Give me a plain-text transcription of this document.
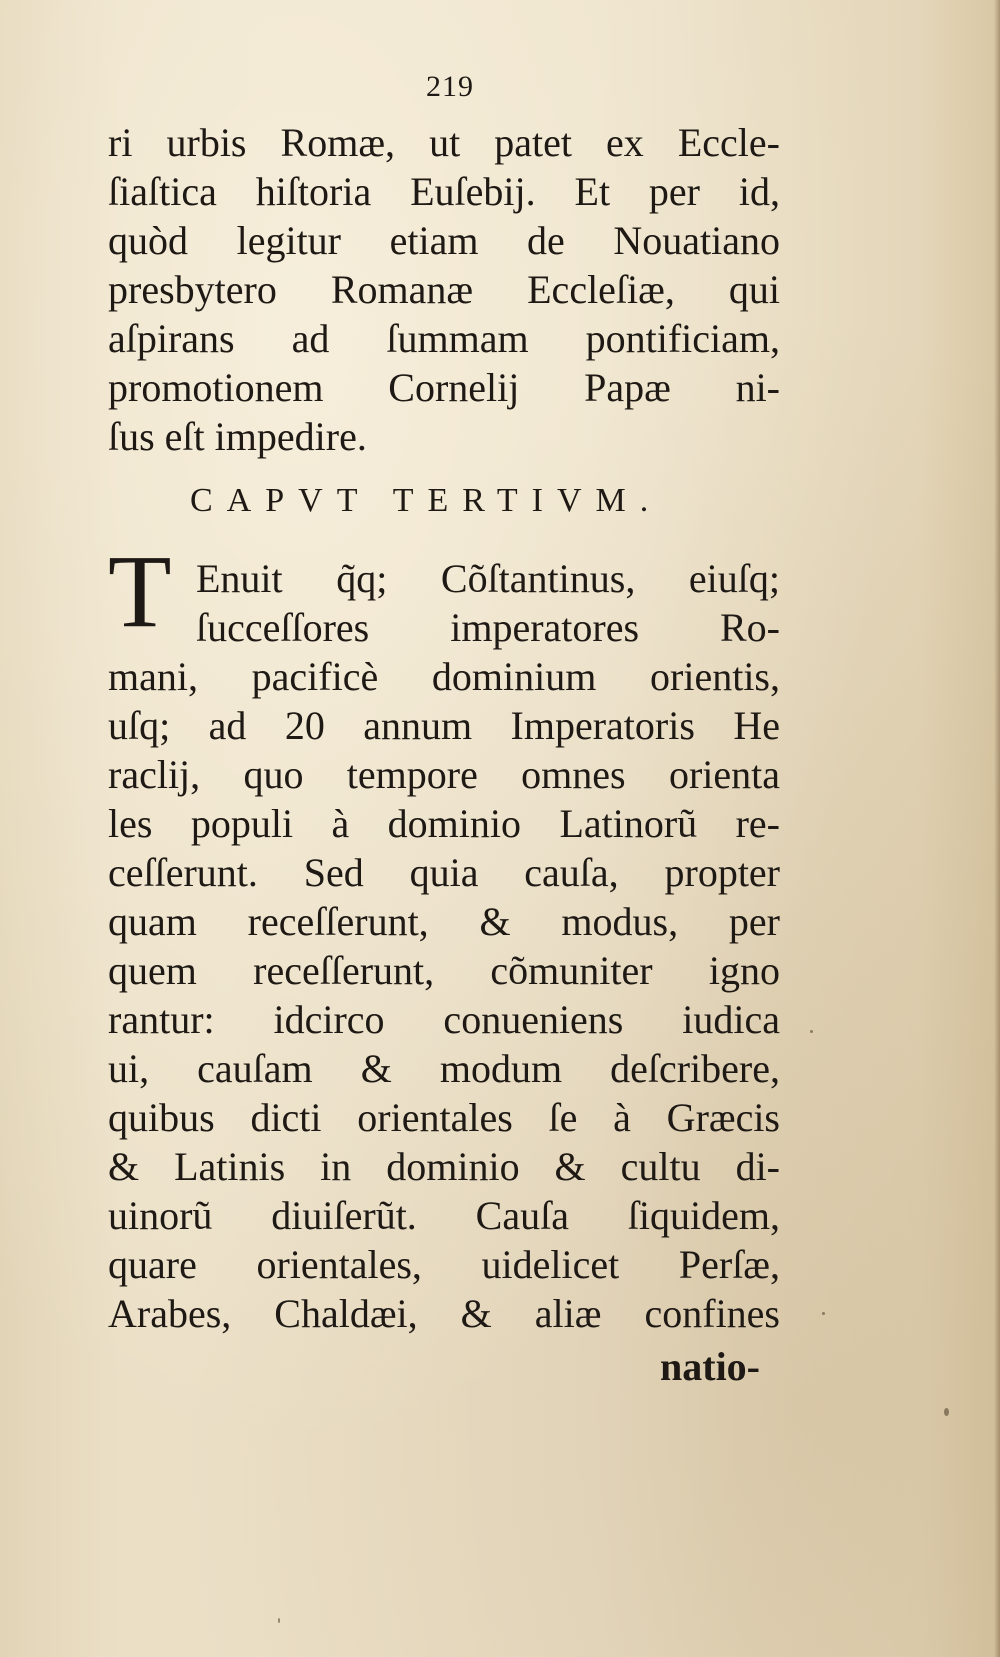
219
ri urbis Romæ, ut patet ex Eccle-
ſiaſtica hiſtoria Euſebij. Et per id,
quòd legitur etiam de Nouatiano
presbytero Romanæ Eccleſiæ, qui
aſpirans ad ſummam pontificiam,
promotionem Cornelij Papæ ni-
ſus eſt impedire.
CAPVT TERTIVM.
T Enuit q̃q; Cõſtantinus, eiuſq;
ſucceſſores imperatores Ro-
mani, pacificè dominium orientis,
uſq; ad 20 annum Imperatoris He
raclij, quo tempore omnes orienta
les populi à dominio Latinorũ re-
ceſſerunt. Sed quia cauſa, propter
quam receſſerunt, & modus, per
quem receſſerunt, cõmuniter igno
rantur: idcirco conueniens iudica
ui, cauſam & modum deſcribere,
quibus dicti orientales ſe à Græcis
& Latinis in dominio & cultu di-
uinorũ diuiſerũt. Cauſa ſiquidem,
quare orientales, uidelicet Perſæ,
Arabes, Chaldæi, & aliæ confines
natio-
